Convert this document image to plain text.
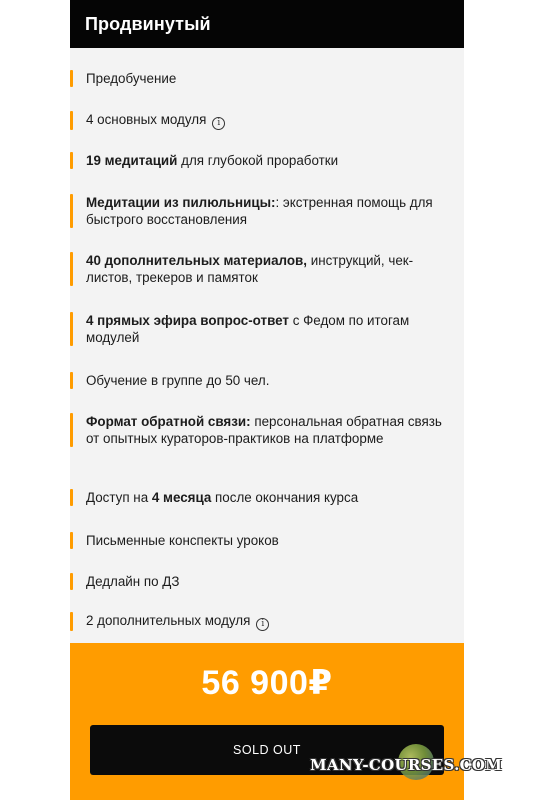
Продвинутый
Предобучение
4 основных модуля i
19 медитаций для глубокой проработки
Медитации из пилюльницы:: экстренная помощь для быстрого восстановления
40 дополнительных материалов, инструкций, чек-листов, трекеров и памяток
4 прямых эфира вопрос-ответ с Федом по итогам модулей
Обучение в группе до 50 чел.
Формат обратной связи: персональная обратная связь от опытных кураторов-практиков на платформе
Доступ на 4 месяца после окончания курса
Письменные конспекты уроков
Дедлайн по ДЗ
2 дополнительных модуля i
56 900₽
SOLD OUT
MANY-COURSES.COM
